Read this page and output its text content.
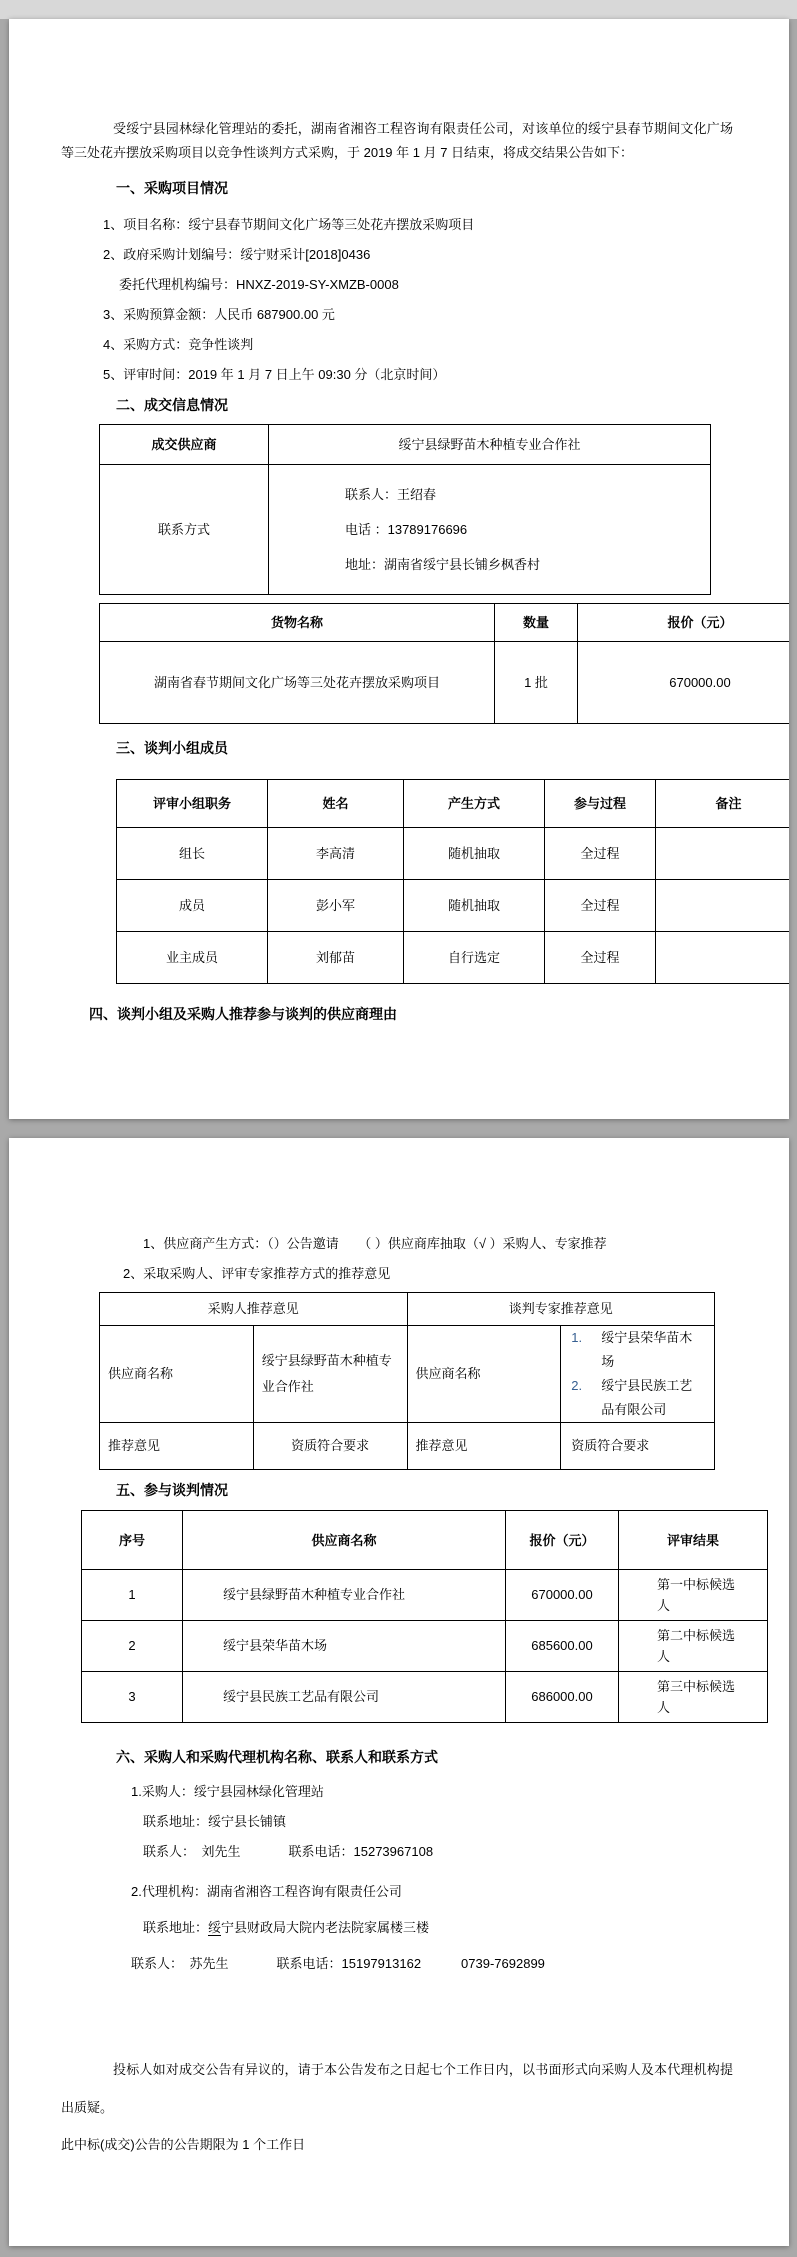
受绥宁县园林绿化管理站的委托，湖南省湘咨工程咨询有限责任公司，对该单位的绥宁县春节期间文化广场等三处花卉摆放采购项目以竞争性谈判方式采购，于 2019 年 1 月 7 日结束，将成交结果公告如下：

一、采购项目情况

1、项目名称：绥宁县春节期间文化广场等三处花卉摆放采购项目

2、政府采购计划编号：绥宁财采计[2018]0436

委托代理机构编号：HNXZ-2019-SY-XMZB-0008

3、采购预算金额：人民币 687900.00 元

4、采购方式：竞争性谈判

5、评审时间：2019 年 1 月 7 日上午 09:30 分（北京时间）

二、成交信息情况

成交供应商	绥宁县绿野苗木种植专业合作社
联系方式	联系人：王绍春

电话 ：13789176696

地址：湖南省绥宁县长铺乡枫香村

货物名称	数量	报价（元）
湖南省春节期间文化广场等三处花卉摆放采购项目	1 批	670000.00

三、谈判小组成员

评审小组职务	姓名	产生方式	参与过程	备注
组长	李高清	随机抽取	全过程	
成员	彭小军	随机抽取	全过程	
业主成员	刘郁苗	自行选定	全过程	

四、谈判小组及采购人推荐参与谈判的供应商理由

1、供应商产生方式：（）公告邀请　　（ ）供应商库抽取（√ ）采购人、专家推荐

2、采取采购人、评审专家推荐方式的推荐意见

采购人推荐意见		谈判专家推荐意见	
供应商名称	绥宁县绿野苗木种植专业合作社	供应商名称	1. 绥宁县荣华苗木场
2. 绥宁县民族工艺品有限公司

推荐意见	资质符合要求	推荐意见	资质符合要求

五、参与谈判情况

序号	供应商名称	报价（元）	评审结果
1	绥宁县绿野苗木种植专业合作社	670000.00	第一中标候选人
2	绥宁县荣华苗木场	685600.00	第二中标候选人
3	绥宁县民族工艺品有限公司	686000.00	第三中标候选人

六、采购人和采购代理机构名称、联系人和联系方式

1.采购人：绥宁县园林绿化管理站

联系地址：绥宁县长铺镇

联系人：　刘先生	联系电话：15273967108

2.代理机构：湖南省湘咨工程咨询有限责任公司

联系地址：绥宁县财政局大院内老法院家属楼三楼

联系人：　苏先生	联系电话：15197913162	0739-7692899

投标人如对成交公告有异议的，请于本公告发布之日起七个工作日内，以书面形式向采购人及本代理机构提出质疑。

此中标(成交)公告的公告期限为 1 个工作日
